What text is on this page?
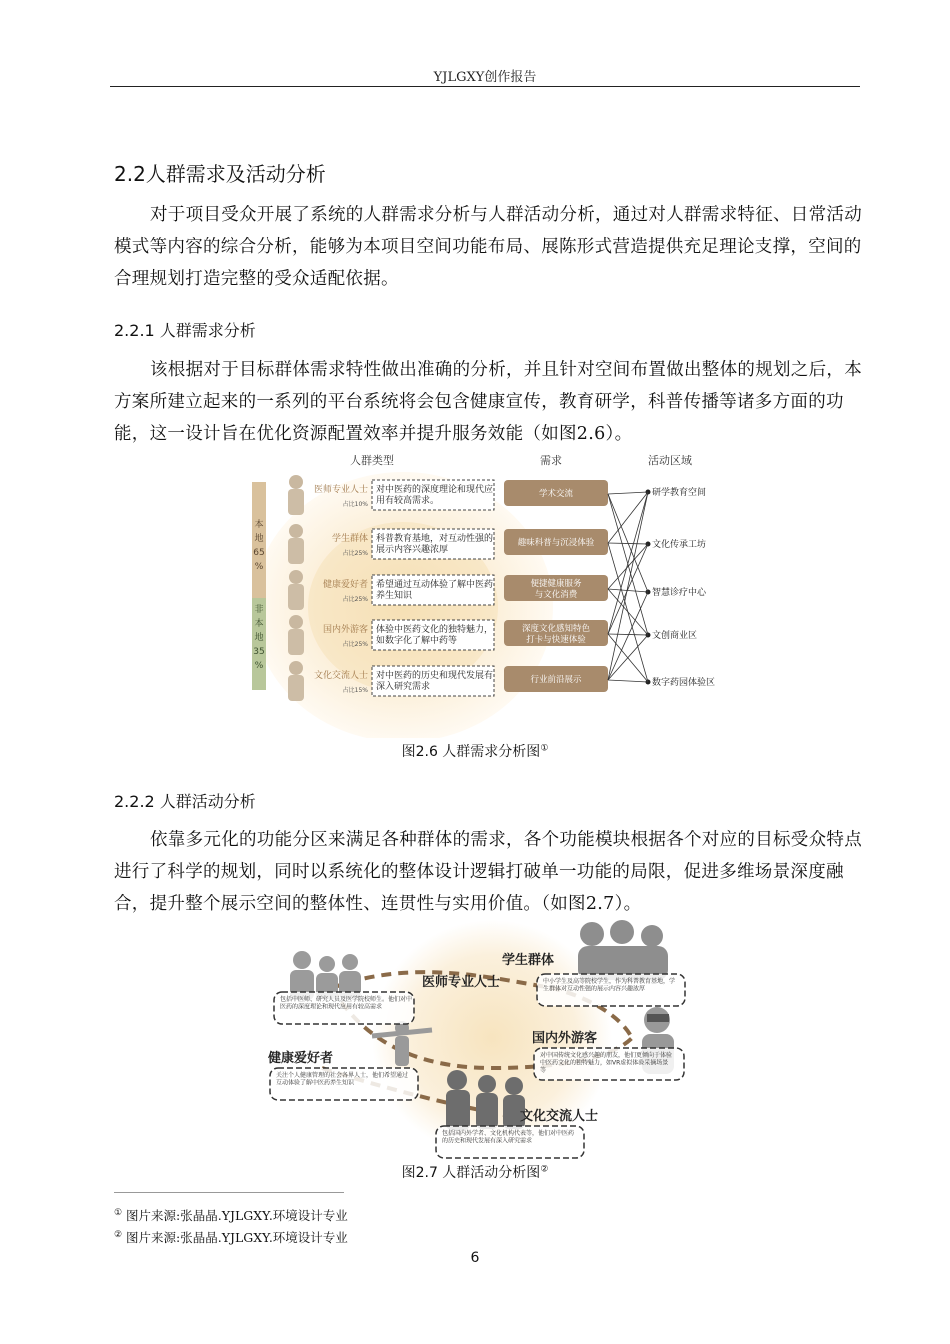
YJLGXY创作报告
2.2人群需求及活动分析
对于项目受众开展了系统的人群需求分析与人群活动分析，通过对人群需求特征、日常活动模式等内容的综合分析，能够为本项目空间功能布局、展陈形式营造提供充足理论支撑，空间的合理规划打造完整的受众适配依据。
2.2.1 人群需求分析
该根据对于目标群体需求特性做出准确的分析，并且针对空间布置做出整体的规划之后，本方案所建立起来的一系列的平台系统将会包含健康宣传，教育研学，科普传播等诸多方面的功能，这一设计旨在优化资源配置效率并提升服务效能（如图2.6）。
人群类型	需求	活动区域
本地 65 %
非本地 35 %
医师专业人士
占比10%
对中医药的深度理论和现代应用有较高需求。
学生群体
占比25%
科普教育基地，对互动性强的展示内容兴趣浓厚
健康爱好者
占比25%
希望通过互动体验了解中医药养生知识
国内外游客
占比25%
体验中医药文化的独特魅力，如数字化了解中药等
文化交流人士
占比15%
对中医药的历史和现代发展有深入研究需求
学术交流
趣味科普与沉浸体验
便捷健康服务与文化消费
深度文化感知特色打卡与快速体验
行业前沿展示
研学教育空间
文化传承工坊
智慧诊疗中心
文创商业区
数字药园体验区
图2.6 人群需求分析图①
2.2.2 人群活动分析
依靠多元化的功能分区来满足各种群体的需求，各个功能模块根据各个对应的目标受众特点进行了科学的规划，同时以系统化的整体设计逻辑打破单一功能的局限，促进多维场景深度融合，提升整个展示空间的整体性、连贯性与实用价值。（如图2.7）。
医师专业人士
包括中医师、研究人员及医学院校师生。他们对中医药的深度理论和现代应用有较高需求
学生群体
中小学生及高等院校学生，作为科普教育基地，学生群体对互动性强的展示内容兴趣浓厚
健康爱好者
关注个人健康管理的社会各界人士，他们希望通过互动体验了解中医药养生知识
国内外游客
对中国传统文化感兴趣的朋友，他们更倾向于体验中医药文化的独特魅力，如VR虚拟体验采摘场景等
文化交流人士
包括国内外学者、文化机构代表等，他们对中医药的历史和现代发展有深入研究需求
图2.7 人群活动分析图②
① 图片来源:张晶晶.YJLGXY.环境设计专业
② 图片来源:张晶晶.YJLGXY.环境设计专业
6
